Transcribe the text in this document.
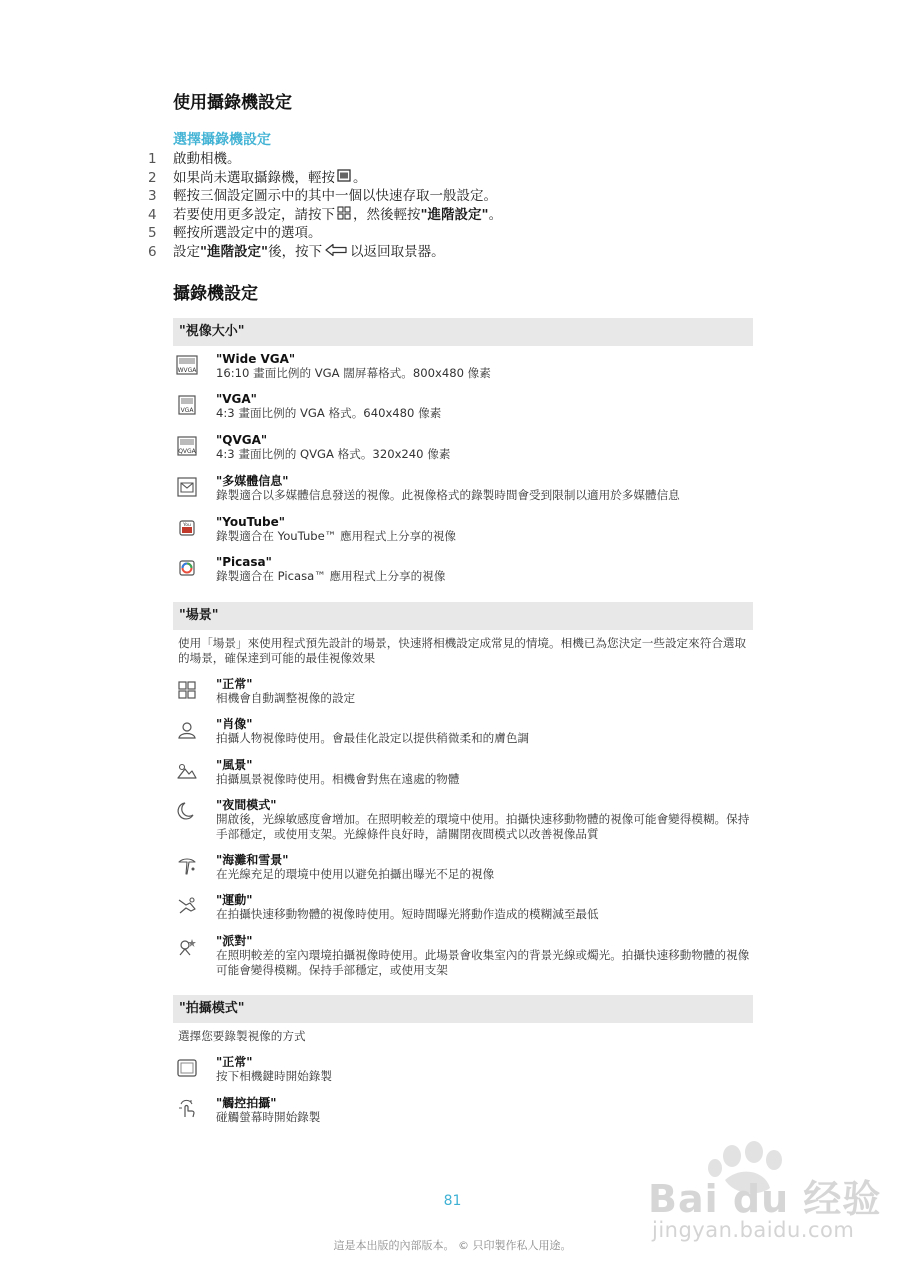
使用攝錄機設定
選擇攝錄機設定
1	啟動相機。
2	如果尚未選取攝錄機，輕按 。
3	輕按三個設定圖示中的其中一個以快速存取一般設定。
4	若要使用更多設定，請按下 ，然後輕按 "進階設定" 。
5	輕按所選設定中的選項。
6	設定 "進階設定" 後，按下 以返回取景器。
攝錄機設定
"視像大小"
WVGA
"Wide VGA"
16:10 畫面比例的 VGA 闊屏幕格式。800x480 像素
VGA
"VGA"
4:3 畫面比例的 VGA 格式。640x480 像素
QVGA
"QVGA"
4:3 畫面比例的 QVGA 格式。320x240 像素
"多媒體信息"
錄製適合以多媒體信息發送的視像。此視像格式的錄製時間會受到限制以適用於多媒體信息
You "YouTube"
錄製適合在 YouTube™ 應用程式上分享的視像
"Picasa"
錄製適合在 Picasa™ 應用程式上分享的視像
"場景"
使用「場景」來使用程式預先設計的場景，快速將相機設定成常見的情境。相機已為您決定一些設定來符合選取的場景，確保達到可能的最佳視像效果
"正常"
相機會自動調整視像的設定
"肖像"
拍攝人物視像時使用。會最佳化設定以提供稍微柔和的膚色調
"風景"
拍攝風景視像時使用。相機會對焦在遠處的物體
"夜間模式"
開啟後，光線敏感度會增加。在照明較差的環境中使用。拍攝快速移動物體的視像可能會變得模糊。保持手部穩定，或使用支架。光線條件良好時，請關閉夜間模式以改善視像品質
"海灘和雪景"
在光線充足的環境中使用以避免拍攝出曝光不足的視像
"運動"
在拍攝快速移動物體的視像時使用。短時間曝光將動作造成的模糊減至最低
"派對"
在照明較差的室內環境拍攝視像時使用。此場景會收集室內的背景光線或燭光。拍攝快速移動物體的視像可能會變得模糊。保持手部穩定，或使用支架
"拍攝模式"
選擇您要錄製視像的方式
"正常"
按下相機鍵時開始錄製
"觸控拍攝"
碰觸螢幕時開始錄製
81
這是本出版的內部版本。 © 只印製作私人用途。
Bai du 经验
jingyan.baidu.com
